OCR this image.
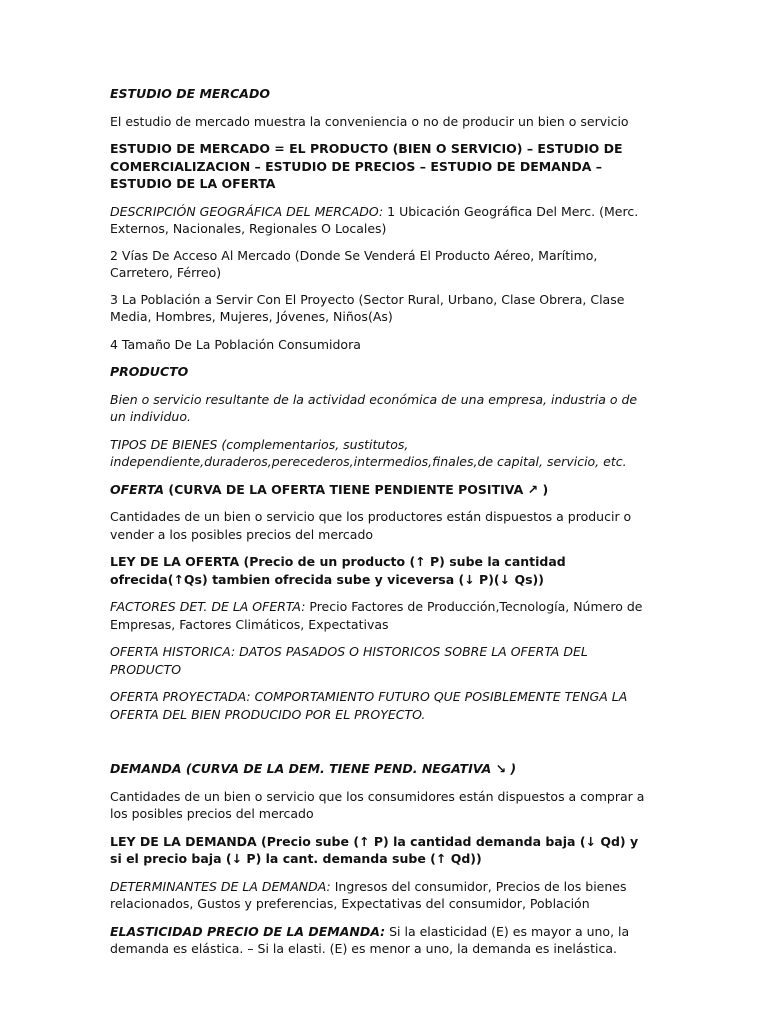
ESTUDIO DE MERCADO

El estudio de mercado muestra la conveniencia o no de producir un bien o servicio

ESTUDIO DE MERCADO = EL PRODUCTO (BIEN O SERVICIO) – ESTUDIO DE COMERCIALIZACION – ESTUDIO DE PRECIOS – ESTUDIO DE DEMANDA – ESTUDIO DE LA OFERTA

DESCRIPCIÓN GEOGRÁFICA DEL MERCADO: 1 Ubicación Geográfica Del Merc. (Merc. Externos, Nacionales, Regionales O Locales)

2 Vías De Acceso Al Mercado (Donde Se Venderá El Producto Aéreo, Marítimo, Carretero, Férreo)

3 La Población a Servir Con El Proyecto (Sector Rural, Urbano, Clase Obrera, Clase Media, Hombres, Mujeres, Jóvenes, Niños(As)

4 Tamaño De La Población Consumidora

PRODUCTO

Bien o servicio resultante de la actividad económica de una empresa, industria o de un individuo.

TIPOS DE BIENES (complementarios, sustitutos, independiente,duraderos,perecederos,intermedios,finales,de capital, servicio, etc.

OFERTA (CURVA DE LA OFERTA TIENE PENDIENTE POSITIVA ↗ )

Cantidades de un bien o servicio que los productores están dispuestos a producir o vender a los posibles precios del mercado

LEY DE LA OFERTA (Precio de un producto (↑ P) sube la cantidad ofrecida(↑Qs) tambien ofrecida sube y viceversa (↓ P)(↓ Qs))

FACTORES DET. DE LA OFERTA: Precio Factores de Producción,Tecnología, Número de Empresas, Factores Climáticos, Expectativas

OFERTA HISTORICA: DATOS PASADOS O HISTORICOS SOBRE LA OFERTA DEL PRODUCTO

OFERTA PROYECTADA: COMPORTAMIENTO FUTURO QUE POSIBLEMENTE TENGA LA OFERTA DEL BIEN PRODUCIDO POR EL PROYECTO.

DEMANDA (CURVA DE LA DEM. TIENE PEND. NEGATIVA ↘ )

Cantidades de un bien o servicio que los consumidores están dispuestos a comprar a los posibles precios del mercado

LEY DE LA DEMANDA (Precio sube (↑ P) la cantidad demanda baja (↓ Qd) y si el precio baja (↓ P) la cant. demanda sube (↑ Qd))

DETERMINANTES DE LA DEMANDA: Ingresos del consumidor, Precios de los bienes relacionados, Gustos y preferencias, Expectativas del consumidor, Población

ELASTICIDAD PRECIO DE LA DEMANDA: Si la elasticidad (E) es mayor a uno, la demanda es elástica. – Si la elasti. (E) es menor a uno, la demanda es inelástica.
